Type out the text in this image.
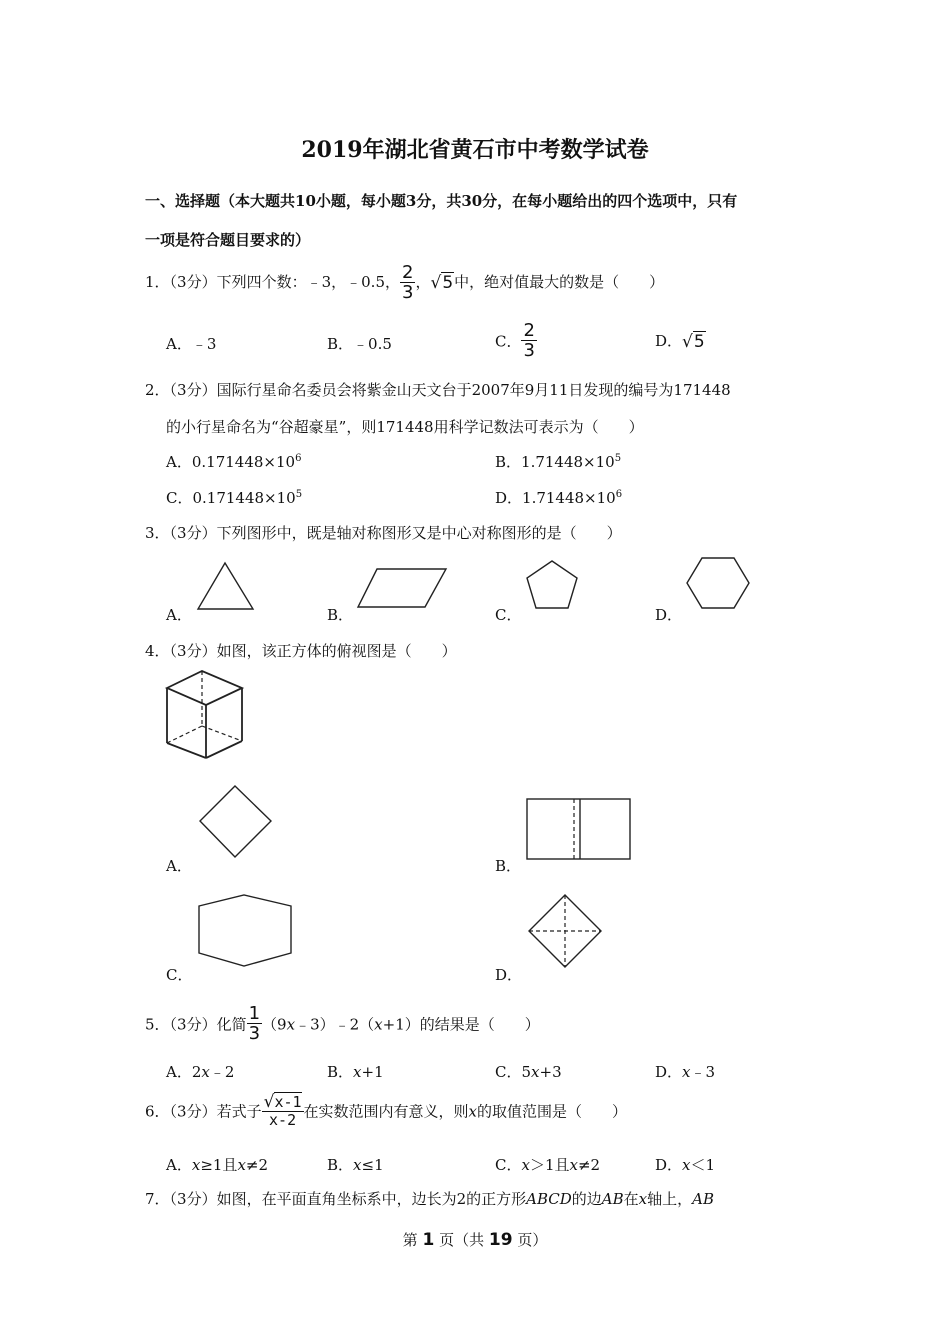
2019年湖北省黄石市中考数学试卷
一、选择题（本大题共10小题，每小题3分，共30分，在每小题给出的四个选项中，只有
一项是符合题目要求的）
1．（3分）下列四个数：﹣3，﹣0.5， $\frac{2}{3}$ ，√5中，绝对值最大的数是（　　）
A．﹣3	B．﹣0.5	C． $\frac{2}{3}$	D．√5
2．（3分）国际行星命名委员会将紫金山天文台于2007年9月11日发现的编号为171448
的小行星命名为“谷超豪星”，则171448用科学记数法可表示为（　　）
A．$0.171448\times 10^6$	B．$1.71448\times 10^5$
C．$0.171448\times 10^5$	D．$1.71448\times 10^6$
3．（3分）下列图形中，既是轴对称图形又是中心对称图形的是（　　）
A．	B．	C．	D．
4．（3分）如图，该正方体的俯视图是（　　）
A．	B．
C．	D．
5．（3分）化简 $\frac{1}{3}$ （9x﹣3）﹣2（x+1）的结果是（　　）
A．2x﹣2	B．x+1	C．5x+3	D．x﹣3
6．（3分）若式子 $\frac{√x-1}{x-2}$ 在实数范围内有意义，则x的取值范围是（　　）
A．x≥1且x≠2	B．x≤1	C．x＞1且x≠2	D．x＜1
7．（3分）如图，在平面直角坐标系中，边长为2的正方形ABCD的边AB在x轴上，AB
第 1 页（共 19 页）
